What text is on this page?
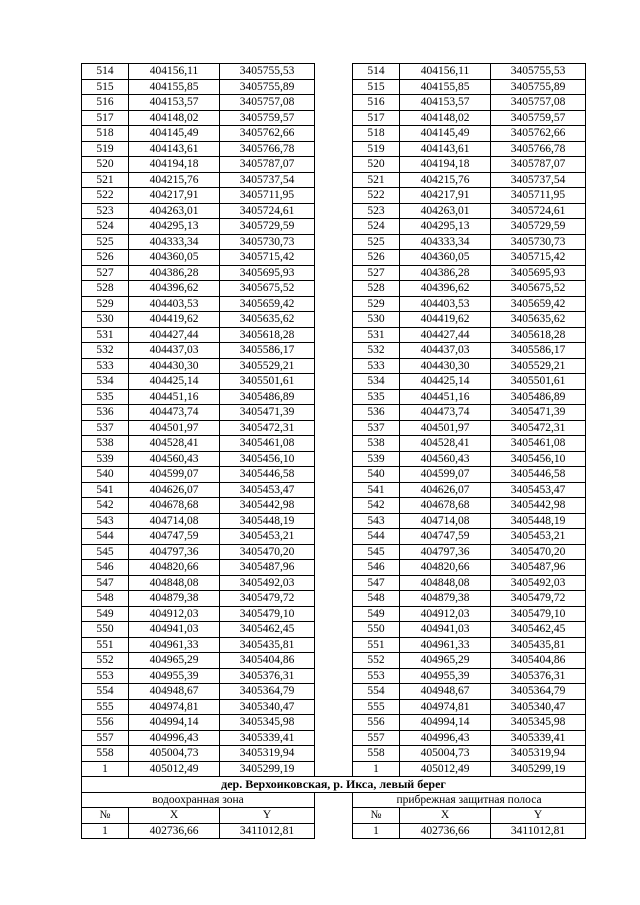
514	404156,11	3405755,53		514	404156,11	3405755,53
515	404155,85	3405755,89		515	404155,85	3405755,89
516	404153,57	3405757,08		516	404153,57	3405757,08
517	404148,02	3405759,57		517	404148,02	3405759,57
518	404145,49	3405762,66		518	404145,49	3405762,66
519	404143,61	3405766,78		519	404143,61	3405766,78
520	404194,18	3405787,07		520	404194,18	3405787,07
521	404215,76	3405737,54		521	404215,76	3405737,54
522	404217,91	3405711,95		522	404217,91	3405711,95
523	404263,01	3405724,61		523	404263,01	3405724,61
524	404295,13	3405729,59		524	404295,13	3405729,59
525	404333,34	3405730,73		525	404333,34	3405730,73
526	404360,05	3405715,42		526	404360,05	3405715,42
527	404386,28	3405695,93		527	404386,28	3405695,93
528	404396,62	3405675,52		528	404396,62	3405675,52
529	404403,53	3405659,42		529	404403,53	3405659,42
530	404419,62	3405635,62		530	404419,62	3405635,62
531	404427,44	3405618,28		531	404427,44	3405618,28
532	404437,03	3405586,17		532	404437,03	3405586,17
533	404430,30	3405529,21		533	404430,30	3405529,21
534	404425,14	3405501,61		534	404425,14	3405501,61
535	404451,16	3405486,89		535	404451,16	3405486,89
536	404473,74	3405471,39		536	404473,74	3405471,39
537	404501,97	3405472,31		537	404501,97	3405472,31
538	404528,41	3405461,08		538	404528,41	3405461,08
539	404560,43	3405456,10		539	404560,43	3405456,10
540	404599,07	3405446,58		540	404599,07	3405446,58
541	404626,07	3405453,47		541	404626,07	3405453,47
542	404678,68	3405442,98		542	404678,68	3405442,98
543	404714,08	3405448,19		543	404714,08	3405448,19
544	404747,59	3405453,21		544	404747,59	3405453,21
545	404797,36	3405470,20		545	404797,36	3405470,20
546	404820,66	3405487,96		546	404820,66	3405487,96
547	404848,08	3405492,03		547	404848,08	3405492,03
548	404879,38	3405479,72		548	404879,38	3405479,72
549	404912,03	3405479,10		549	404912,03	3405479,10
550	404941,03	3405462,45		550	404941,03	3405462,45
551	404961,33	3405435,81		551	404961,33	3405435,81
552	404965,29	3405404,86		552	404965,29	3405404,86
553	404955,39	3405376,31		553	404955,39	3405376,31
554	404948,67	3405364,79		554	404948,67	3405364,79
555	404974,81	3405340,47		555	404974,81	3405340,47
556	404994,14	3405345,98		556	404994,14	3405345,98
557	404996,43	3405339,41		557	404996,43	3405339,41
558	405004,73	3405319,94		558	405004,73	3405319,94
1	405012,49	3405299,19		1	405012,49	3405299,19
дер. Верхоиковская, р. Икса, левый берег						
водоохранная зона				прибрежная защитная полоса		
№	X	Y		№	X	Y
1	402736,66	3411012,81		1	402736,66	3411012,81
